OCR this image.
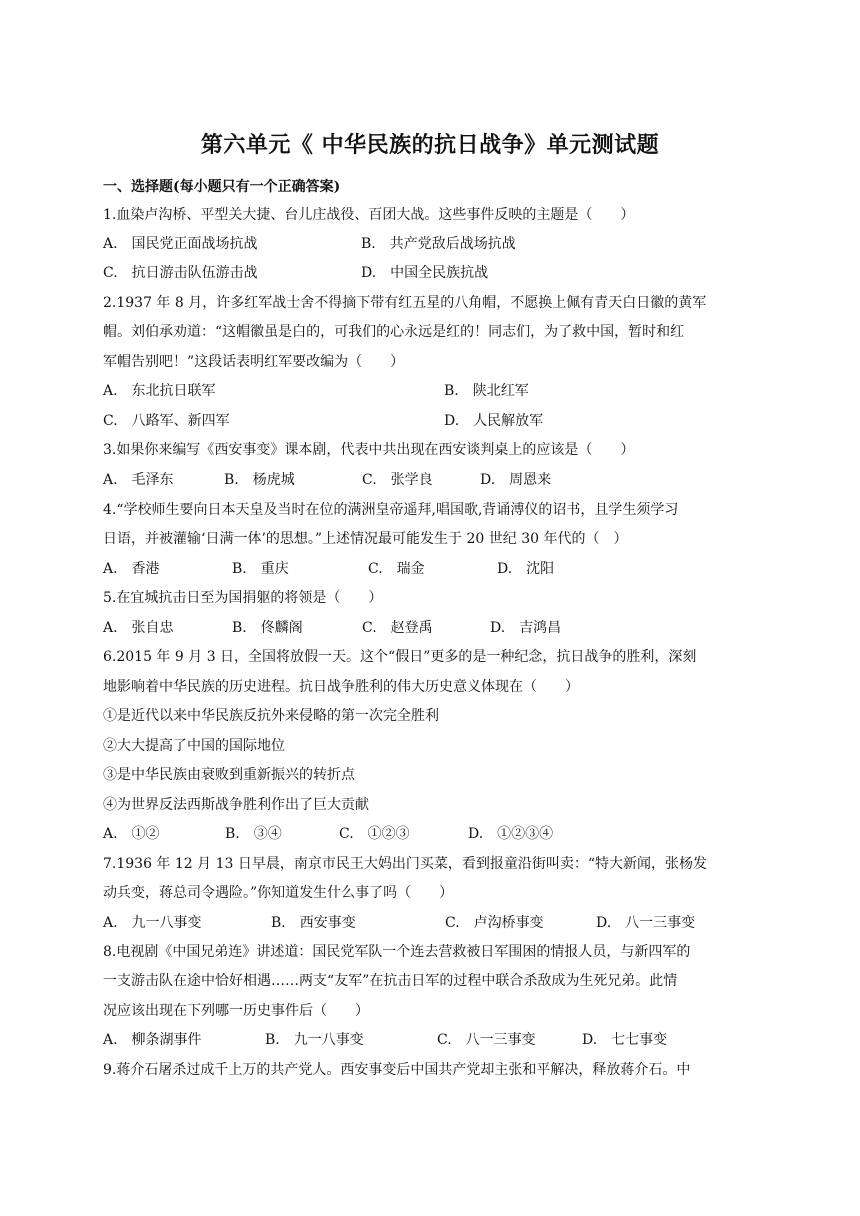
第六单元《 中华民族的抗日战争》单元测试题
一、选择题(每小题只有一个正确答案)
1.血染卢沟桥、平型关大捷、台儿庄战役、百团大战。这些事件反映的主题是（　　）
A.　国民党正面战场抗战	B.　共产党敌后战场抗战
C.　抗日游击队伍游击战	D.　中国全民族抗战
2.1937 年 8 月，许多红军战士舍不得摘下带有红五星的八角帽，不愿换上佩有青天白日徽的黄军
帽。刘伯承劝道：“这帽徽虽是白的，可我们的心永远是红的！同志们，为了救中国，暂时和红
军帽告别吧！”这段话表明红军要改编为（　　）
A.　东北抗日联军	B.　陕北红军
C.　八路军、新四军	D.　人民解放军
3.如果你来编写《西安事变》课本剧，代表中共出现在西安谈判桌上的应该是（　　）
A.　毛泽东	B.　杨虎城	C.　张学良	D.　周恩来
4.“学校师生要向日本天皇及当时在位的满洲皇帝遥拜,唱国歌,背诵溥仪的诏书，且学生须学习
日语，并被灌输‘日满一体’的思想。”上述情况最可能发生于 20 世纪 30 年代的（　）
A.　香港	B.　重庆	C.　瑞金	D.　沈阳
5.在宜城抗击日至为国捐躯的将领是（　　）
A.　张自忠	B.　佟麟阁	C.　赵登禹	D.　吉鸿昌
6.2015 年 9 月 3 日，全国将放假一天。这个“假日”更多的是一种纪念，抗日战争的胜利，深刻
地影响着中华民族的历史进程。抗日战争胜利的伟大历史意义体现在（　　）
①是近代以来中华民族反抗外来侵略的第一次完全胜利
②大大提高了中国的国际地位
③是中华民族由衰败到重新振兴的转折点
④为世界反法西斯战争胜利作出了巨大贡献
A.　①②	B.　③④	C.　①②③	D.　①②③④
7.1936 年 12 月 13 日早晨，南京市民王大妈出门买菜，看到报童沿街叫卖：“特大新闻，张杨发
动兵变，蒋总司令遇险。”你知道发生什么事了吗（　　）
A.　九一八事变	B.　西安事变	C.　卢沟桥事变	D.　八一三事变
8.电视剧《中国兄弟连》讲述道：国民党军队一个连去营救被日军围困的情报人员，与新四军的
一支游击队在途中恰好相遇……两支“友军”在抗击日军的过程中联合杀敌成为生死兄弟。此情
况应该出现在下列哪一历史事件后（　　）
A.　柳条湖事件	B.　九一八事变	C.　八一三事变	D.　七七事变
9.蒋介石屠杀过成千上万的共产党人。西安事变后中国共产党却主张和平解决，释放蒋介石。中
